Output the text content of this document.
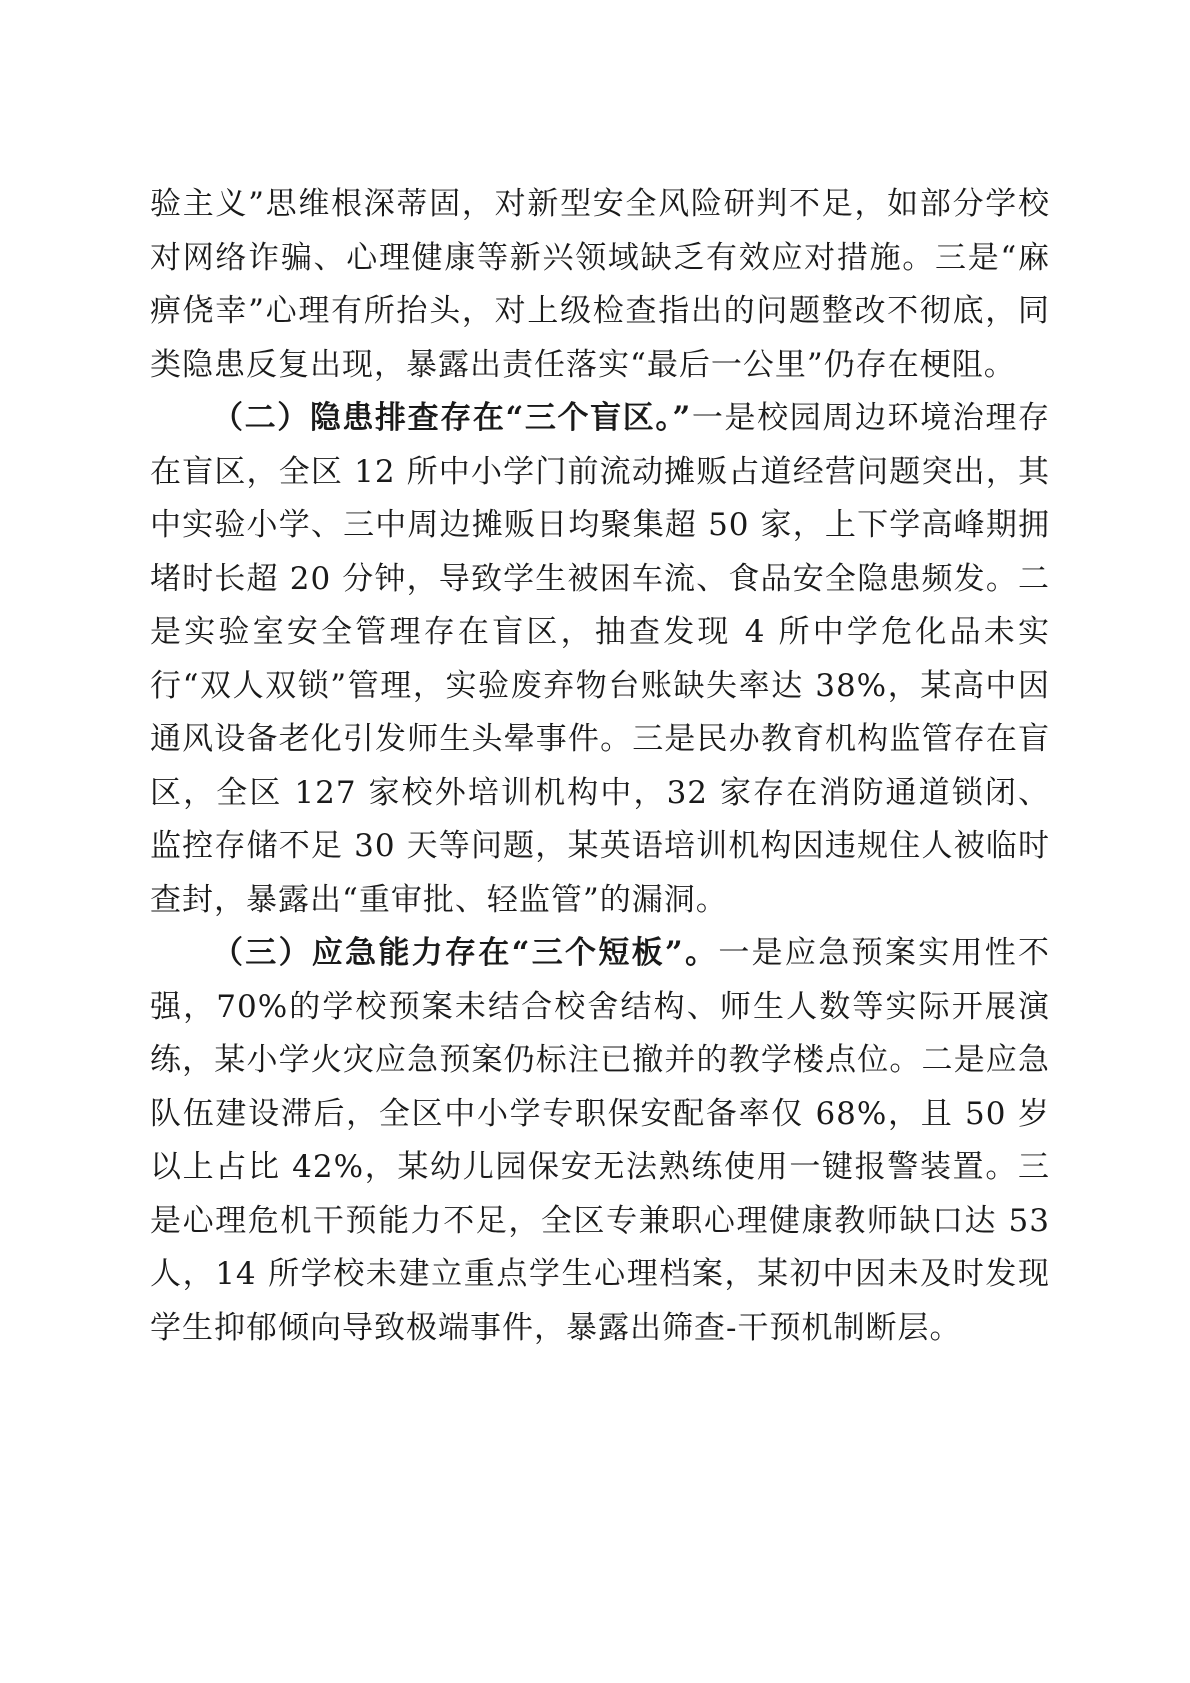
验主义”思维根深蒂固，对新型安全风险研判不足，如部分学校对网络诈骗、心理健康等新兴领域缺乏有效应对措施。三是“麻痹侥幸”心理有所抬头，对上级检查指出的问题整改不彻底，同类隐患反复出现，暴露出责任落实“最后一公里”仍存在梗阻。

（二）隐患排查存在“三个盲区。”一是校园周边环境治理存在盲区，全区 12 所中小学门前流动摊贩占道经营问题突出，其中实验小学、三中周边摊贩日均聚集超 50 家，上下学高峰期拥堵时长超 20 分钟，导致学生被困车流、食品安全隐患频发。二是实验室安全管理存在盲区，抽查发现 4 所中学危化品未实行“双人双锁”管理，实验废弃物台账缺失率达 38%，某高中因通风设备老化引发师生头晕事件。三是民办教育机构监管存在盲区，全区 127 家校外培训机构中，32 家存在消防通道锁闭、监控存储不足 30 天等问题，某英语培训机构因违规住人被临时查封，暴露出“重审批、轻监管”的漏洞。

（三）应急能力存在“三个短板”。一是应急预案实用性不强，70%的学校预案未结合校舍结构、师生人数等实际开展演练，某小学火灾应急预案仍标注已撤并的教学楼点位。二是应急队伍建设滞后，全区中小学专职保安配备率仅 68%，且 50 岁以上占比 42%，某幼儿园保安无法熟练使用一键报警装置。三是心理危机干预能力不足，全区专兼职心理健康教师缺口达 53 人，14 所学校未建立重点学生心理档案，某初中因未及时发现学生抑郁倾向导致极端事件，暴露出筛查-干预机制断层。
